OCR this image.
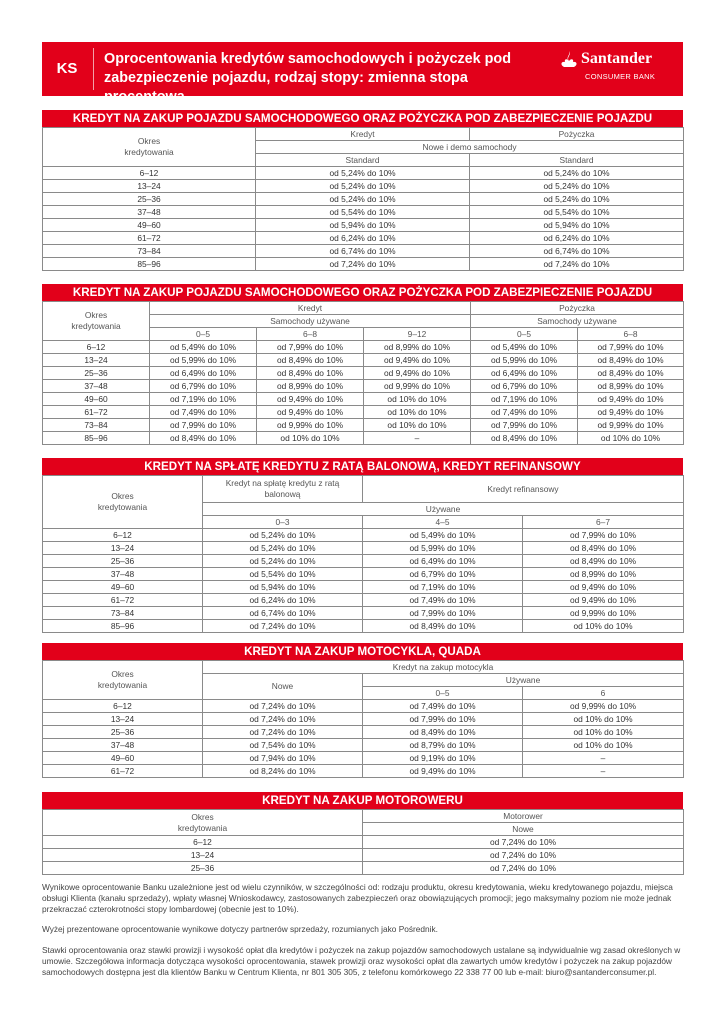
KS
Oprocentowania kredytów samochodowych i pożyczek pod
zabezpieczenie pojazdu, rodzaj stopy: zmienna stopa procentowa
Santander
CONSUMER BANK
KREDYT NA ZAKUP POJAZDU SAMOCHODOWEGO ORAZ POŻYCZKA POD ZABEZPIECZENIE POJAZDU
Okres kredytowania	Kredyt	Pożyczka
	Nowe i demo samochody	
	Standard	Standard
6–12	od 5,24% do 10%	od 5,24% do 10%
13–24	od 5,24% do 10%	od 5,24% do 10%
25–36	od 5,24% do 10%	od 5,24% do 10%
37–48	od 5,54% do 10%	od 5,54% do 10%
49–60	od 5,94% do 10%	od 5,94% do 10%
61–72	od 6,24% do 10%	od 6,24% do 10%
73–84	od 6,74% do 10%	od 6,74% do 10%
85–96	od 7,24% do 10%	od 7,24% do 10%
KREDYT NA ZAKUP POJAZDU SAMOCHODOWEGO ORAZ POŻYCZKA POD ZABEZPIECZENIE POJAZDU
Okres kredytowania	Kredyt			Pożyczka	
	Samochody używane			Samochody używane	
	0–5	6–8	9–12	0–5	6–8
6–12	od 5,49% do 10%	od 7,99% do 10%	od 8,99% do 10%	od 5,49% do 10%	od 7,99% do 10%
13–24	od 5,99% do 10%	od 8,49% do 10%	od 9,49% do 10%	od 5,99% do 10%	od 8,49% do 10%
25–36	od 6,49% do 10%	od 8,49% do 10%	od 9,49% do 10%	od 6,49% do 10%	od 8,49% do 10%
37–48	od 6,79% do 10%	od 8,99% do 10%	od 9,99% do 10%	od 6,79% do 10%	od 8,99% do 10%
49–60	od 7,19% do 10%	od 9,49% do 10%	od 10% do 10%	od 7,19% do 10%	od 9,49% do 10%
61–72	od 7,49% do 10%	od 9,49% do 10%	od 10% do 10%	od 7,49% do 10%	od 9,49% do 10%
73–84	od 7,99% do 10%	od 9,99% do 10%	od 10% do 10%	od 7,99% do 10%	od 9,99% do 10%
85–96	od 8,49% do 10%	od 10% do 10%	–	od 8,49% do 10%	od 10% do 10%
KREDYT NA SPŁATĘ KREDYTU Z RATĄ BALONOWĄ, KREDYT REFINANSOWY
Okres kredytowania	Kredyt na spłatę kredytu z ratą balonową	Kredyt refinansowy	
	Używane		
	0–3	4–5	6–7
6–12	od 5,24% do 10%	od 5,49% do 10%	od 7,99% do 10%
13–24	od 5,24% do 10%	od 5,99% do 10%	od 8,49% do 10%
25–36	od 5,24% do 10%	od 6,49% do 10%	od 8,49% do 10%
37–48	od 5,54% do 10%	od 6,79% do 10%	od 8,99% do 10%
49–60	od 5,94% do 10%	od 7,19% do 10%	od 9,49% do 10%
61–72	od 6,24% do 10%	od 7,49% do 10%	od 9,49% do 10%
73–84	od 6,74% do 10%	od 7,99% do 10%	od 9,99% do 10%
85–96	od 7,24% do 10%	od 8,49% do 10%	od 10% do 10%
KREDYT NA ZAKUP MOTOCYKLA, QUADA
Okres kredytowania	Kredyt na zakup motocykla		
	Nowe	Używane	
		0–5	6
6–12	od 7,24% do 10%	od 7,49% do 10%	od 9,99% do 10%
13–24	od 7,24% do 10%	od 7,99% do 10%	od 10% do 10%
25–36	od 7,24% do 10%	od 8,49% do 10%	od 10% do 10%
37–48	od 7,54% do 10%	od 8,79% do 10%	od 10% do 10%
49–60	od 7,94% do 10%	od 9,19% do 10%	–
61–72	od 8,24% do 10%	od 9,49% do 10%	–
KREDYT NA ZAKUP MOTOROWERU
Okres kredytowania	Motorower
	Nowe
6–12	od 7,24% do 10%
13–24	od 7,24% do 10%
25–36	od 7,24% do 10%

Wynikowe oprocentowanie Banku uzależnione jest od wielu czynników, w szczególności od: rodzaju produktu, okresu kredytowania, wieku kredytowanego pojazdu, miejsca obsługi Klienta (kanału sprzedaży), wpłaty własnej Wnioskodawcy, zastosowanych zabezpieczeń oraz obowiązujących promocji; jego maksymalny poziom nie może jednak przekraczać czterokrotności stopy lombardowej (obecnie jest to 10%).

Wyżej prezentowane oprocentowanie wynikowe dotyczy partnerów sprzedaży, rozumianych jako Pośrednik.

Stawki oprocentowania oraz stawki prowizji i wysokość opłat dla kredytów i pożyczek na zakup pojazdów samochodowych ustalane są indywidualnie wg zasad określonych w umowie. Szczegółowa informacja dotycząca wysokości oprocentowania, stawek prowizji oraz wysokości opłat dla zawartych umów kredytów i pożyczek na zakup pojazdów samochodowych dostępna jest dla klientów Banku w Centrum Klienta, nr 801 305 305, z telefonu komórkowego 22 338 77 00 lub e-mail: biuro@santanderconsumer.pl.
